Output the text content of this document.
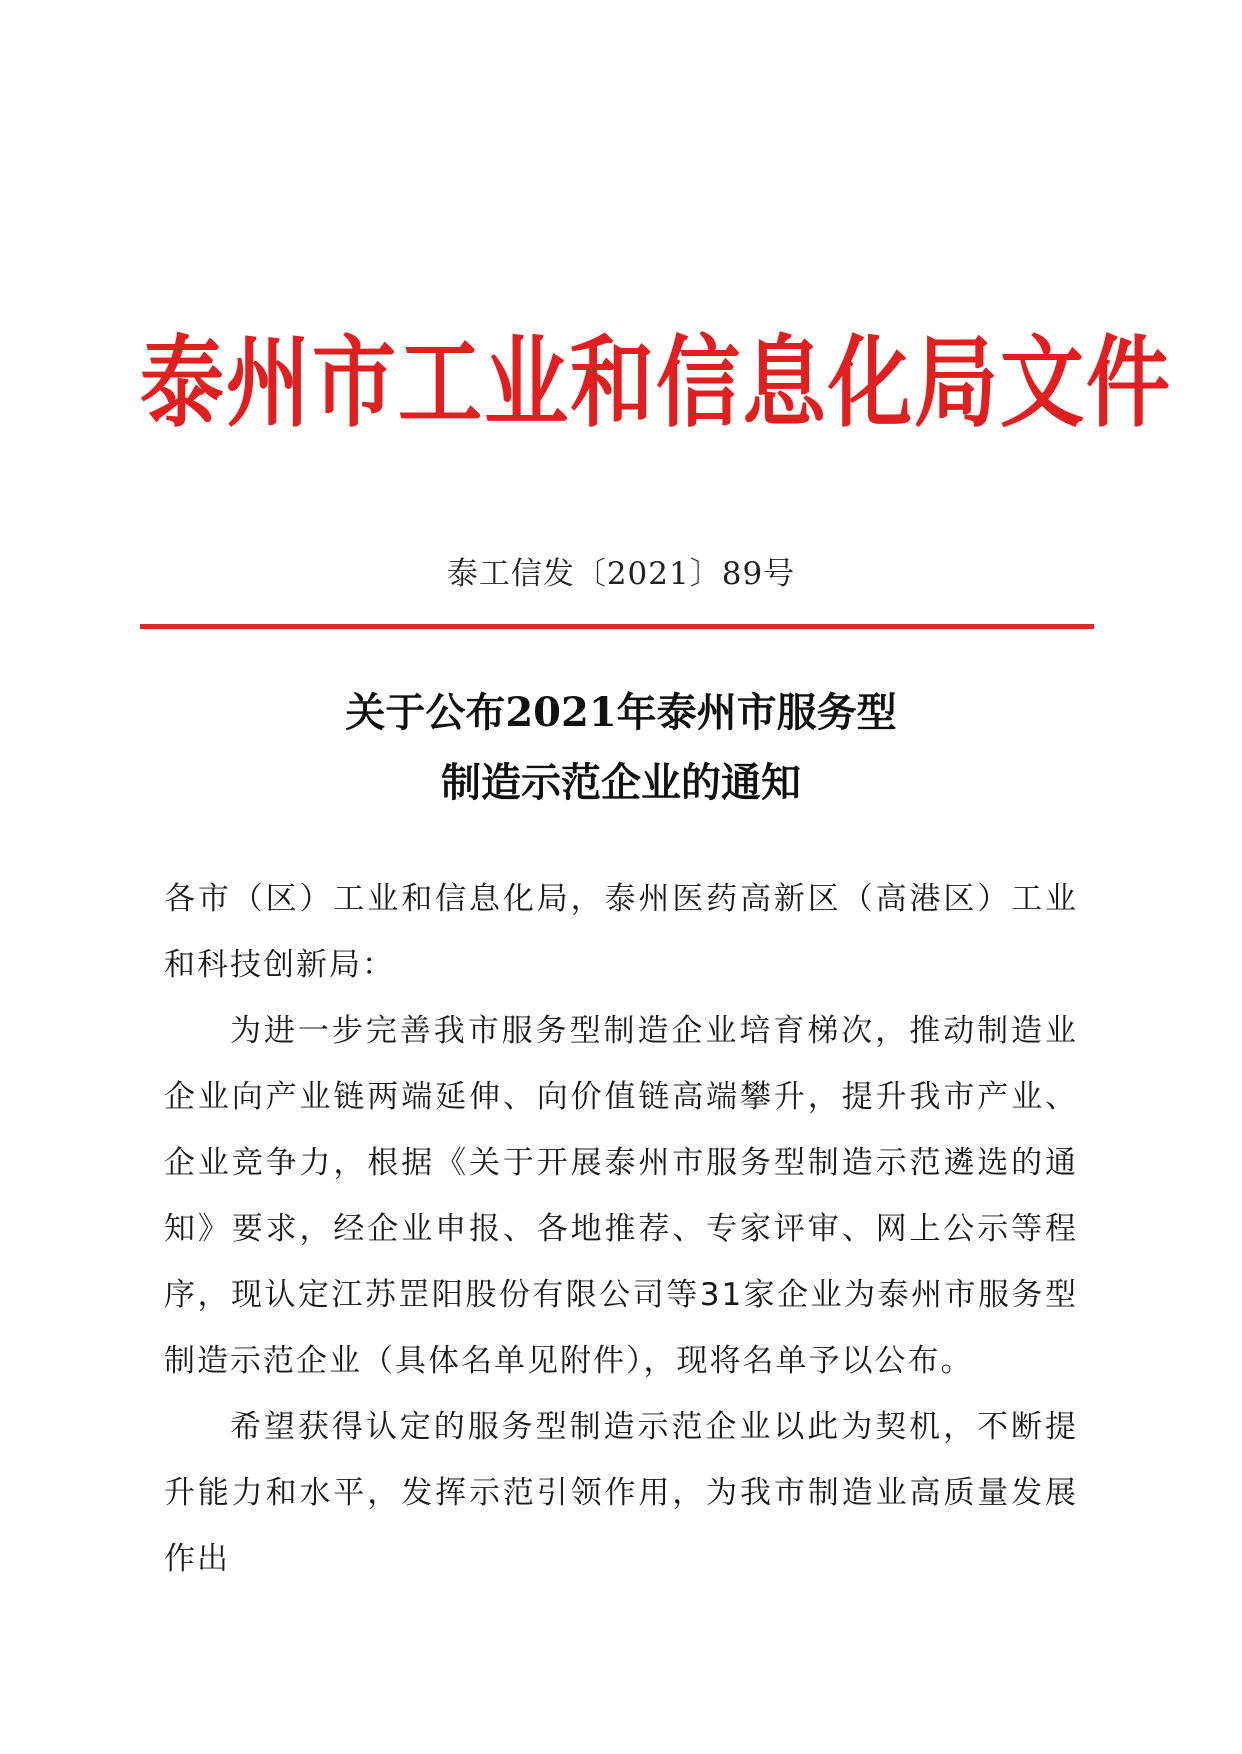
泰州市工业和信息化局文件
泰工信发〔2021〕89号
关于公布2021年泰州市服务型
制造示范企业的通知

各市（区）工业和信息化局，泰州医药高新区（高港区）工业和科技创新局：

为进一步完善我市服务型制造企业培育梯次，推动制造业企业向产业链两端延伸、向价值链高端攀升，提升我市产业、企业竞争力，根据《关于开展泰州市服务型制造示范遴选的通知》要求，经企业申报、各地推荐、专家评审、网上公示等程序，现认定江苏罡阳股份有限公司等31家企业为泰州市服务型制造示范企业（具体名单见附件），现将名单予以公布。

希望获得认定的服务型制造示范企业以此为契机，不断提升能力和水平，发挥示范引领作用，为我市制造业高质量发展作出
